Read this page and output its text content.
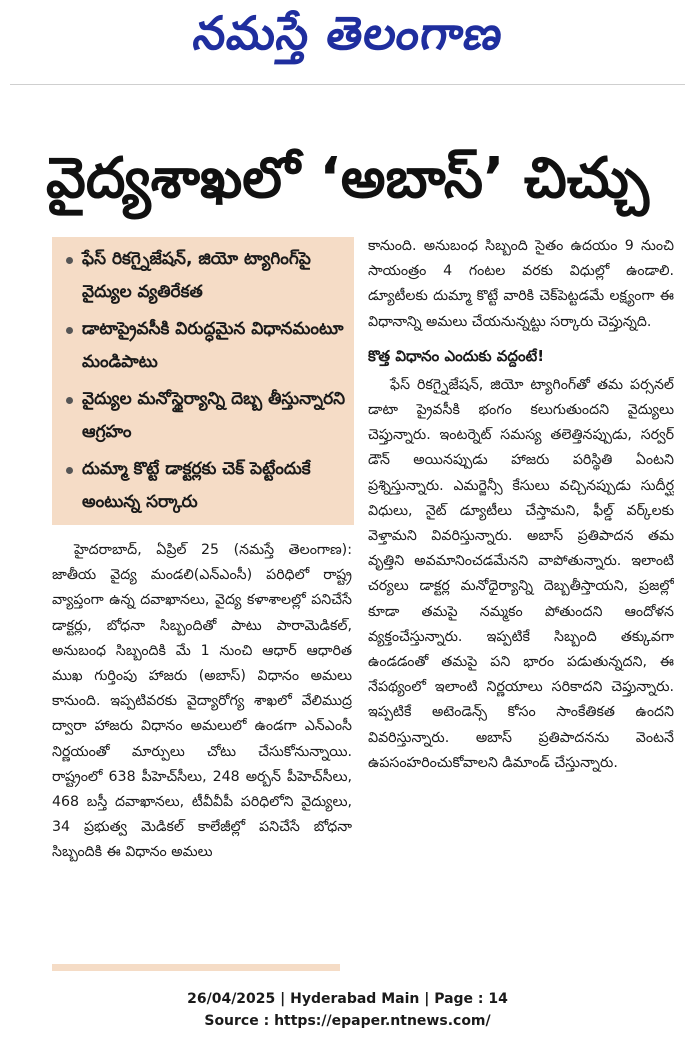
నమస్తే తెలంగాణ
వైద్యశాఖలో ‘అబాస్’ చిచ్చు
ఫేస్ రికగ్నైజేషన్, జియో ట్యాగింగ్‌పై వైద్యుల వ్యతిరేకత
డాటాప్రైవసీకి విరుద్ధమైన విధానమంటూ మండిపాటు
వైద్యుల మనోస్థైర్యాన్ని దెబ్బ తీస్తున్నారని ఆగ్రహం
దుమ్మా కొట్టే డాక్టర్లకు చెక్ పెట్టేందుకే అంటున్న సర్కారు
హైదరాబాద్, ఏప్రిల్ 25 (నమస్తే తెలంగాణ): జాతీయ వైద్య మండలి(ఎన్ఎంసీ) పరిధిలో రాష్ట్ర వ్యాప్తంగా ఉన్న దవాఖానలు, వైద్య కళాశాలల్లో పనిచేసే డాక్టర్లు, బోధనా సిబ్బందితో పాటు పారామెడికల్, అనుబంధ సిబ్బందికి మే 1 నుంచి ఆధార్ ఆధారిత ముఖ గుర్తింపు హాజరు (అబాస్) విధానం అమలు కానుంది. ఇప్పటివరకు వైద్యారోగ్య శాఖలో వేలిముద్ర ద్వారా హాజరు విధానం అమలులో ఉండగా ఎన్ఎంసీ నిర్ణయంతో మార్పులు చోటు చేసుకోనున్నాయి. రాష్ట్రంలో 638 పీహెచ్‌సీలు, 248 అర్బన్ పీహెచ్‌సీలు, 468 బస్తీ దవాఖానలు, టీవీవీపీ పరిధిలోని వైద్యులు, 34 ప్రభుత్వ మెడికల్ కాలేజీల్లో పనిచేసే బోధనా సిబ్బందికి ఈ విధానం అమలు
కానుంది. అనుబంధ సిబ్బంది సైతం ఉదయం 9 నుంచి సాయంత్రం 4 గంటల వరకు విధుల్లో ఉండాలి. డ్యూటీలకు దుమ్మా కొట్టే వారికి చెక్‌పెట్టడమే లక్ష్యంగా ఈ విధానాన్ని అమలు చేయనున్నట్టు సర్కారు చెప్తున్నది.
కొత్త విధానం ఎందుకు వద్దంటే!
ఫేస్ రికగ్నైజేషన్, జియో ట్యాగింగ్‌తో తమ పర్సనల్ డాటా ప్రైవసీకి భంగం కలుగుతుందని వైద్యులు చెప్తున్నారు. ఇంటర్నెట్ సమస్య తలెత్తినప్పుడు, సర్వర్ డౌన్ అయినప్పుడు హాజరు పరిస్థితి ఏంటని ప్రశ్నిస్తున్నారు. ఎమర్జెన్సీ కేసులు వచ్చినప్పుడు సుదీర్ఘ విధులు, నైట్ డ్యూటీలు చేస్తామని, ఫీల్డ్ వర్క్‌లకు వెళ్తామని వివరిస్తున్నారు. అబాస్ ప్రతిపాదన తమ వృత్తిని అవమానించడమేనని వాపోతున్నారు. ఇలాంటి చర్యలు డాక్టర్ల మనోధైర్యాన్ని దెబ్బతీస్తాయని, ప్రజల్లో కూడా తమపై నమ్మకం పోతుందని ఆందోళన వ్యక్తంచేస్తున్నారు. ఇప్పటికే సిబ్బంది తక్కువగా ఉండడంతో తమపై పని భారం పడుతున్నదని, ఈ నేపథ్యంలో ఇలాంటి నిర్ణయాలు సరికాదని చెప్తున్నారు. ఇప్పటికే అటెండెన్స్ కోసం సాంకేతికత ఉందని వివరిస్తున్నారు. అబాస్ ప్రతిపాదనను వెంటనే ఉపసంహరించుకోవాలని డిమాండ్ చేస్తున్నారు.
26/04/2025 | Hyderabad Main | Page : 14
Source : https://epaper.ntnews.com/
